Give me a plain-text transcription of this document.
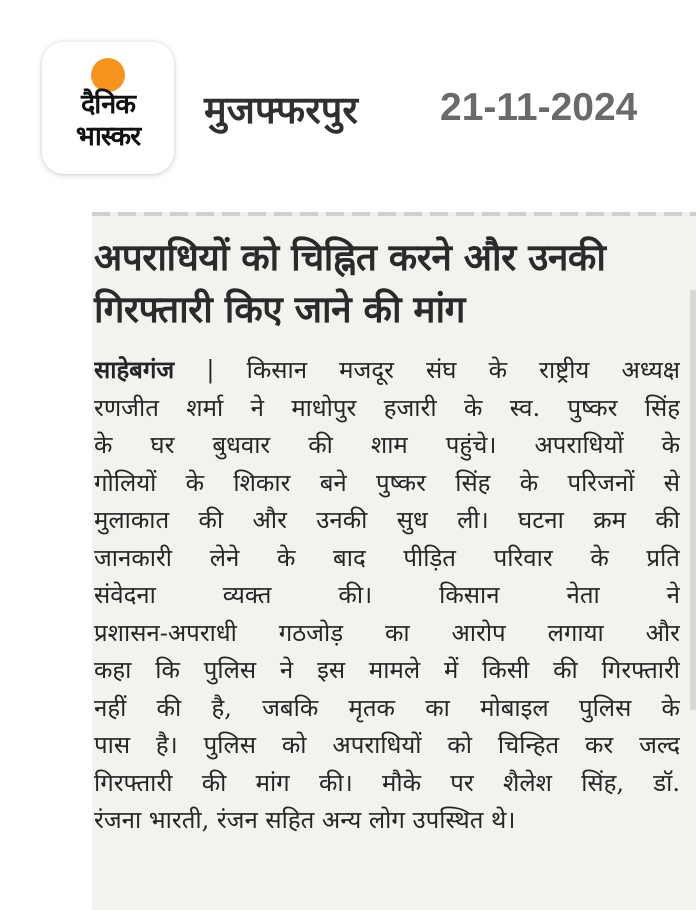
दैनिक
भास्कर
मुजफ्फरपुर 21-11-2024
अपराधियों को चिह्नित करने और उनकी
गिरफ्तारी किए जाने की मांग
साहेबगंज | किसान मजदूर संघ के राष्ट्रीय अध्यक्ष
रणजीत शर्मा ने माधोपुर हजारी के स्व. पुष्कर सिंह
के घर बुधवार की शाम पहुंचे। अपराधियों के
गोलियों के शिकार बने पुष्कर सिंह के परिजनों से
मुलाकात की और उनकी सुध ली। घटना क्रम की
जानकारी लेने के बाद पीड़ित परिवार के प्रति
संवेदना व्यक्त की। किसान नेता ने
प्रशासन-अपराधी गठजोड़ का आरोप लगाया और
कहा कि पुलिस ने इस मामले में किसी की गिरफ्तारी
नहीं की है, जबकि मृतक का मोबाइल पुलिस के
पास है। पुलिस को अपराधियों को चिन्हित कर जल्द
गिरफ्तारी की मांग की। मौके पर शैलेश सिंह, डॉ.
रंजना भारती, रंजन सहित अन्य लोग उपस्थित थे।
